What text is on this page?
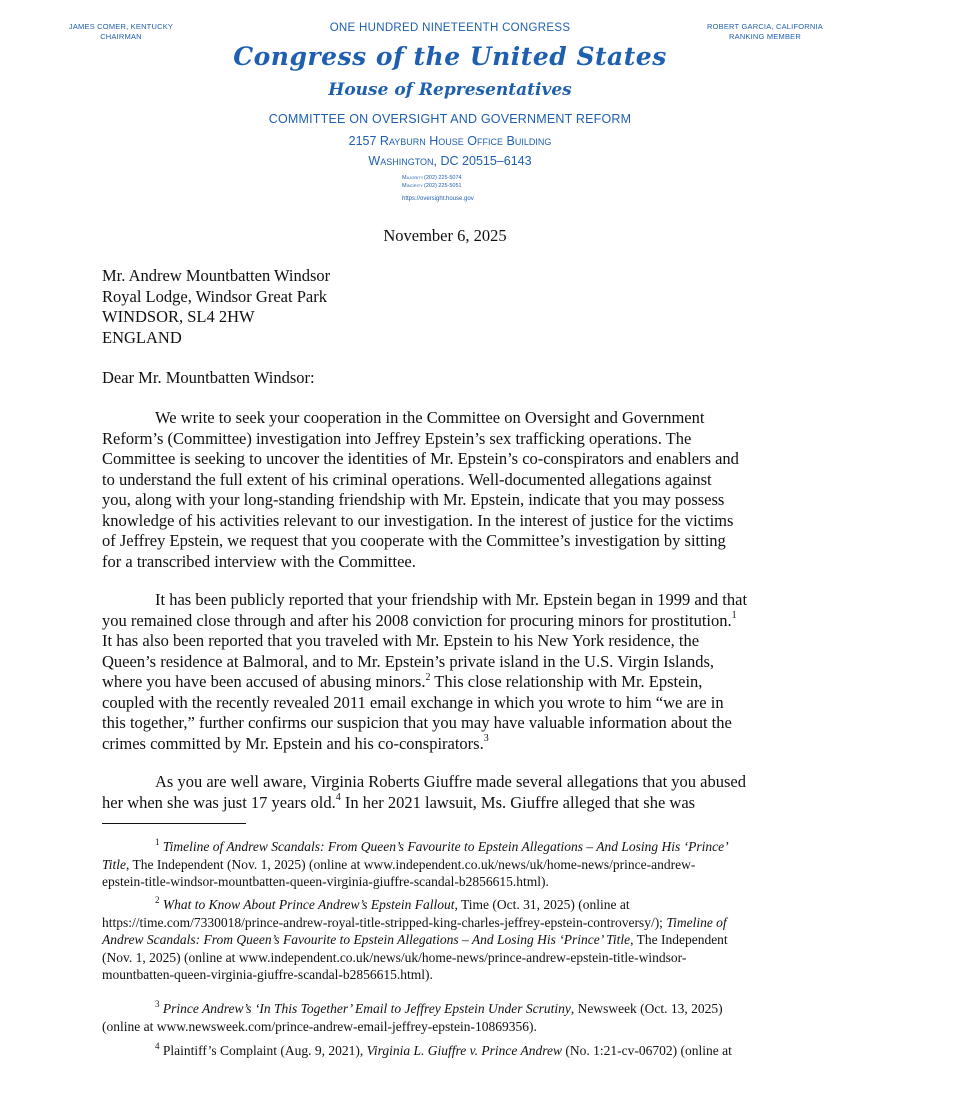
JAMES COMER, KENTUCKY
CHAIRMAN
ROBERT GARCIA, CALIFORNIA
RANKING MEMBER
ONE HUNDRED NINETEENTH CONGRESS
Congress of the United States
House of Representatives
COMMITTEE ON OVERSIGHT AND GOVERNMENT REFORM
2157 Rayburn House Office Building
Washington, DC 20515–6143
Majority(202) 225-5074
Minority(202) 225-5051
https://oversight.house.gov
November 6, 2025
Mr. Andrew Mountbatten Windsor
Royal Lodge, Windsor Great Park
WINDSOR, SL4 2HW
ENGLAND
Dear Mr. Mountbatten Windsor:
We write to seek your cooperation in the Committee on Oversight and Government
Reform’s (Committee) investigation into Jeffrey Epstein’s sex trafficking operations. The
Committee is seeking to uncover the identities of Mr. Epstein’s co-conspirators and enablers and
to understand the full extent of his criminal operations. Well-documented allegations against
you, along with your long-standing friendship with Mr. Epstein, indicate that you may possess
knowledge of his activities relevant to our investigation. In the interest of justice for the victims
of Jeffrey Epstein, we request that you cooperate with the Committee’s investigation by sitting
for a transcribed interview with the Committee.
It has been publicly reported that your friendship with Mr. Epstein began in 1999 and that
you remained close through and after his 2008 conviction for procuring minors for prostitution.$^1$
It has also been reported that you traveled with Mr. Epstein to his New York residence, the
Queen’s residence at Balmoral, and to Mr. Epstein’s private island in the U.S. Virgin Islands,
where you have been accused of abusing minors.$^2$ This close relationship with Mr. Epstein,
coupled with the recently revealed 2011 email exchange in which you wrote to him “we are in
this together,” further confirms our suspicion that you may have valuable information about the
crimes committed by Mr. Epstein and his co-conspirators.$^3$
As you are well aware, Virginia Roberts Giuffre made several allegations that you abused
her when she was just 17 years old.$^4$ In her 2021 lawsuit, Ms. Giuffre alleged that she was
$^1$ Timeline of Andrew Scandals: From Queen’s Favourite to Epstein Allegations – And Losing His ‘Prince’
Title, The Independent (Nov. 1, 2025) (online at www.independent.co.uk/news/uk/home-news/prince-andrew-
epstein-title-windsor-mountbatten-queen-virginia-giuffre-scandal-b2856615.html).
$^2$ What to Know About Prince Andrew’s Epstein Fallout, Time (Oct. 31, 2025) (online at
https://time.com/7330018/prince-andrew-royal-title-stripped-king-charles-jeffrey-epstein-controversy/); Timeline of
Andrew Scandals: From Queen’s Favourite to Epstein Allegations – And Losing His ‘Prince’ Title, The Independent
(Nov. 1, 2025) (online at www.independent.co.uk/news/uk/home-news/prince-andrew-epstein-title-windsor-
mountbatten-queen-virginia-giuffre-scandal-b2856615.html).
$^3$ Prince Andrew’s ‘In This Together’ Email to Jeffrey Epstein Under Scrutiny, Newsweek (Oct. 13, 2025)
(online at www.newsweek.com/prince-andrew-email-jeffrey-epstein-10869356).
$^4$ Plaintiff’s Complaint (Aug. 9, 2021), Virginia L. Giuffre v. Prince Andrew (No. 1:21-cv-06702) (online at
